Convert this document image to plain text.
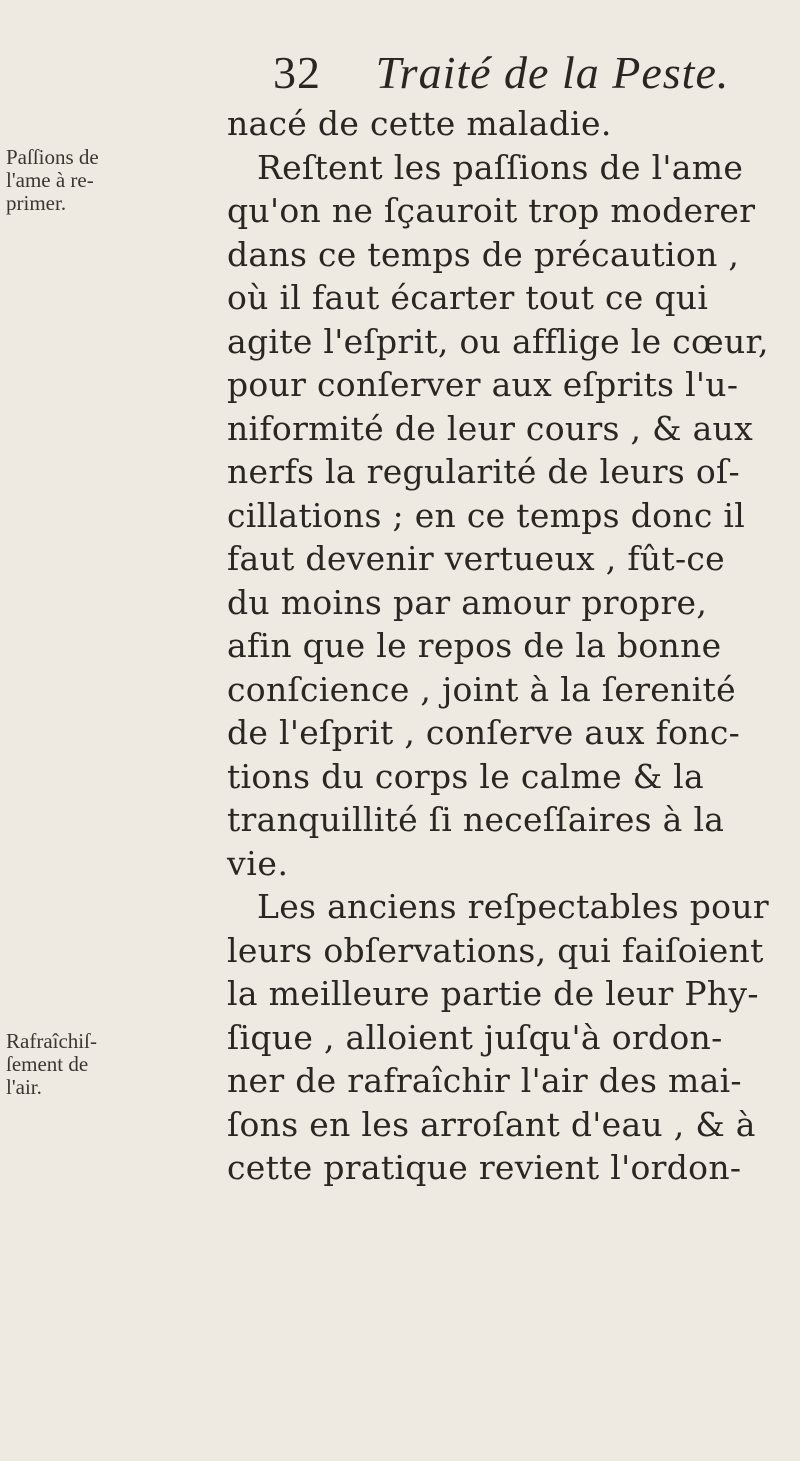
32 Traité de la Peste.
Paſſions de
l'ame à re-
primer.
Rafraîchiſ-
ſement de
l'air.
nacé de cette maladie.
Reſtent les paſſions de l'ame
qu'on ne ſçauroit trop moderer
dans ce temps de précaution ,
où il faut écarter tout ce qui
agite l'eſprit, ou afflige le cœur,
pour conſerver aux eſprits l'u-
niformité de leur cours , & aux
nerfs la regularité de leurs oſ-
cillations ; en ce temps donc il
faut devenir vertueux , fût-ce
du moins par amour propre,
afin que le repos de la bonne
conſcience , joint à la ſerenité
de l'eſprit , conſerve aux fonc-
tions du corps le calme & la
tranquillité ſi neceſſaires à la
vie.
Les anciens reſpectables pour
leurs obſervations, qui faiſoient
la meilleure partie de leur Phy-
ſique , alloient juſqu'à ordon-
ner de rafraîchir l'air des mai-
ſons en les arroſant d'eau , & à
cette pratique revient l'ordon-
